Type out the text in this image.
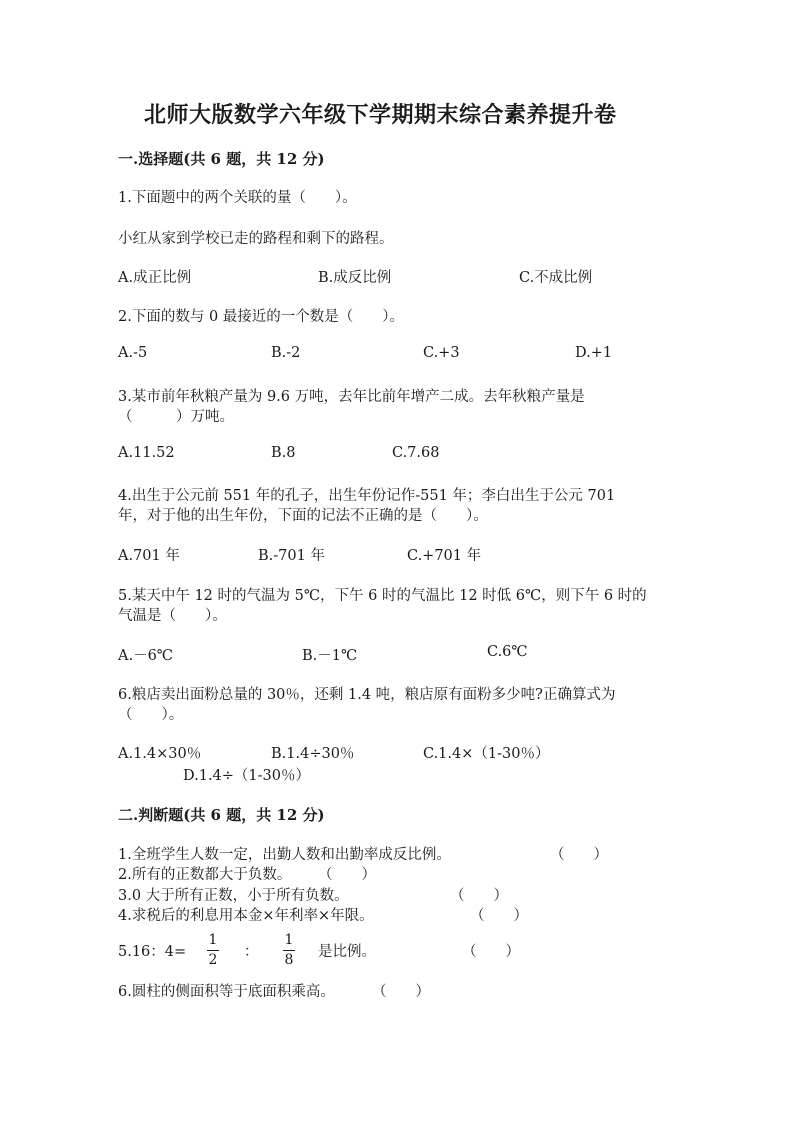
北师大版数学六年级下学期期末综合素养提升卷
一.选择题(共 6 题，共 12 分)
1.下面题中的两个关联的量（　　）。
小红从家到学校已走的路程和剩下的路程。
A.成正比例	B.成反比例	C.不成比例
2.下面的数与 0 最接近的一个数是（　　）。
A.-5	B.-2	C.+3	D.+1
3.某市前年秋粮产量为 9.6 万吨，去年比前年增产二成。去年秋粮产量是
（　　　）万吨。
A.11.52	B.8	C.7.68
4.出生于公元前 551 年的孔子，出生年份记作-551 年；李白出生于公元 701
年，对于他的出生年份，下面的记法不正确的是（　　）。
A.701 年	B.-701 年	C.+701 年
5.某天中午 12 时的气温为 5℃，下午 6 时的气温比 12 时低 6℃，则下午 6 时的
气温是（　　）。
A.－6℃	B.－1℃	C.6℃
6.粮店卖出面粉总量的 30％，还剩 1.4 吨，粮店原有面粉多少吨?正确算式为
（　　）。
A.1.4×30％	B.1.4÷30％	C.1.4×（1-30％）
D.1.4÷（1-30％）
二.判断题(共 6 题，共 12 分)
1.全班学生人数一定，出勤人数和出勤率成反比例。	（　　）
2.所有的正数都大于负数。 （　　）
3.0 大于所有正数，小于所有负数。	（　　）
4.求税后的利息用本金×年利率×年限。	（　　）
5.16：4=
1
2 ：
1
8 是比例。	（　　）
6.圆柱的侧面积等于底面积乘高。	（　　）
